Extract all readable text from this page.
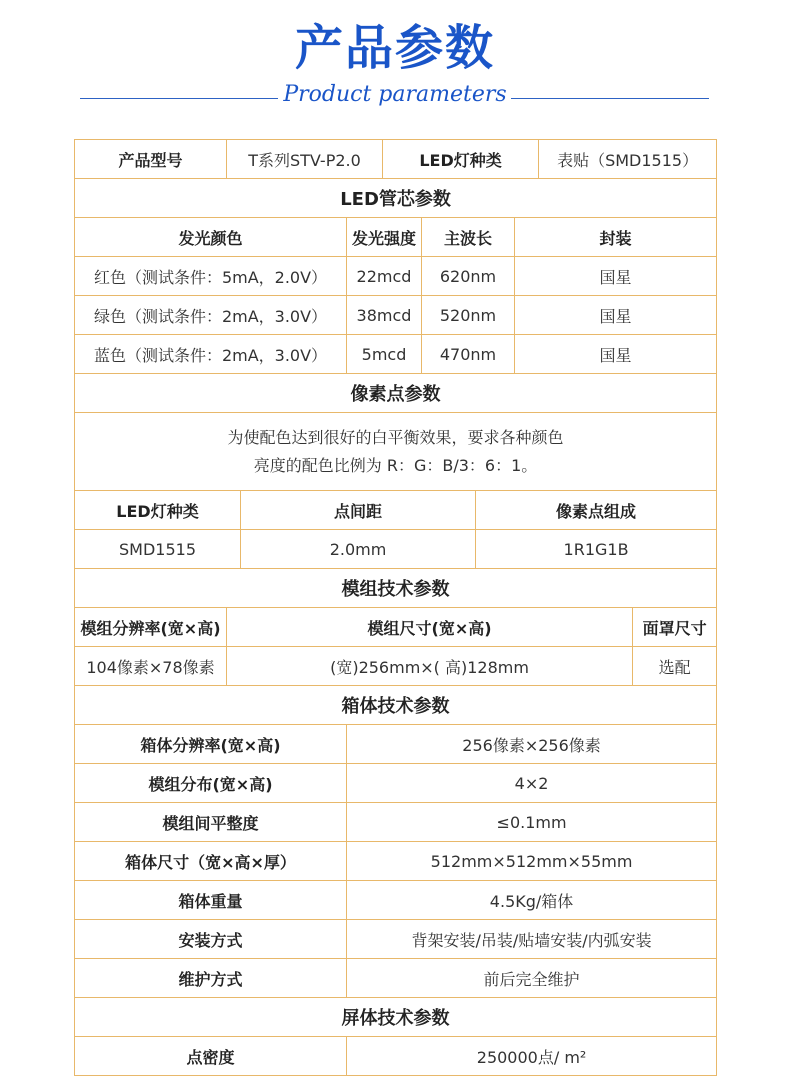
产品参数
Product parameters
产品型号	T系列STV-P2.0			LED灯种类				表贴（SMD1515）	
LED管芯参数									
发光颜色			发光强度		主波长		封装		
红色（测试条件：5mA，2.0V）			22mcd		620nm		国星		
绿色（测试条件：2mA，3.0V）			38mcd		520nm		国星		
蓝色（测试条件：2mA，3.0V）			5mcd		470nm		国星		
像素点参数									

为使配色达到很好的白平衡效果，要求各种颜色
亮度的配色比例为 R：G：B/3：6：1。									

LED灯种类		点间距				像素点组成			
SMD1515		2.0mm				1R1G1B			
模组技术参数									
模组分辨率(宽×高)	模组尺寸(宽×高)								面罩尺寸
104像素×78像素	(宽)256mm×( 高)128mm								选配
箱体技术参数									
箱体分辨率(宽×高)			256像素×256像素						
模组分布(宽×高)			4×2						
模组间平整度			≤0.1mm						
箱体尺寸（宽×高×厚）			512mm×512mm×55mm						
箱体重量			4.5Kg/箱体						
安装方式			背架安装/吊装/贴墙安装/内弧安装						
维护方式			前后完全维护						
屏体技术参数									
点密度			250000点/ m²						
